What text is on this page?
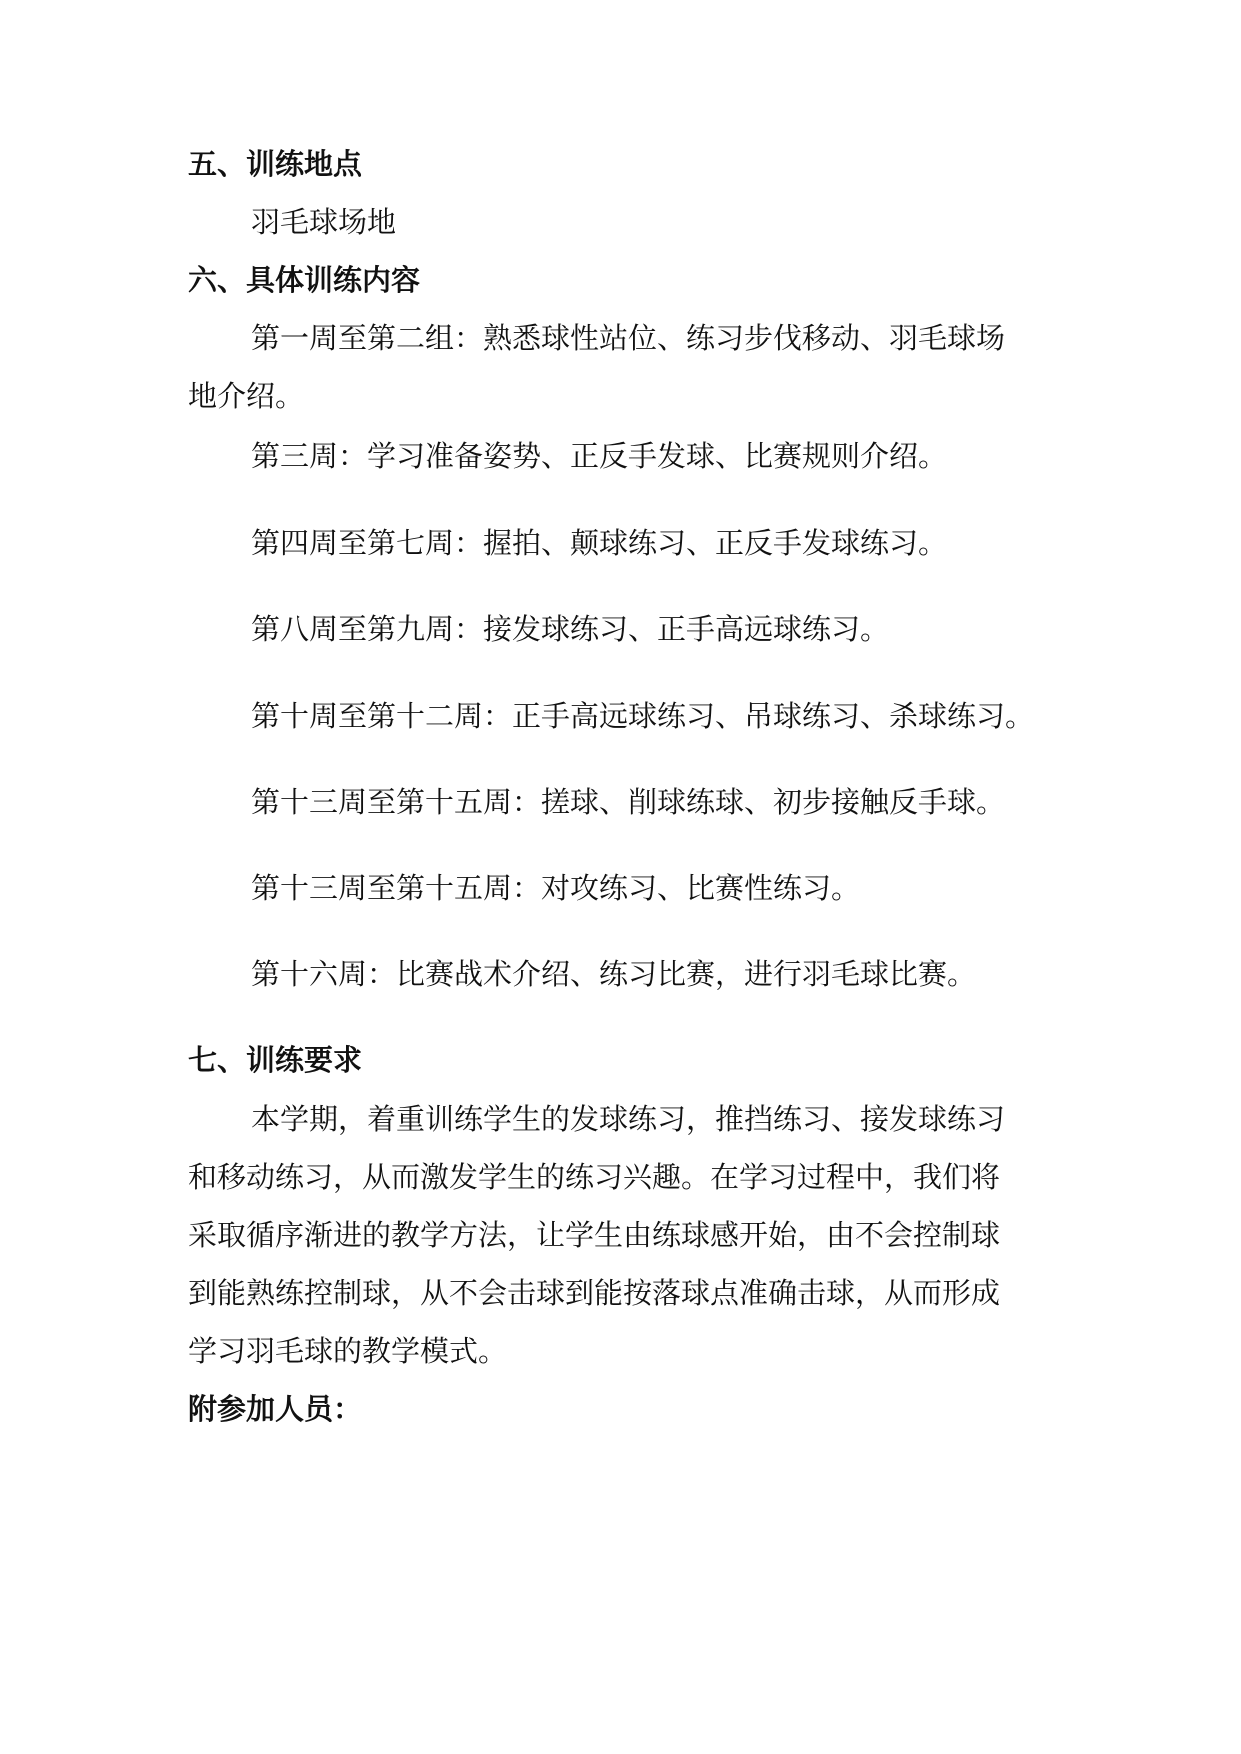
五、训练地点
羽毛球场地
六、具体训练内容
第一周至第二组：熟悉球性站位、练习步伐移动、羽毛球场
地介绍。
第三周：学习准备姿势、正反手发球、比赛规则介绍。
第四周至第七周：握拍、颠球练习、正反手发球练习。
第八周至第九周：接发球练习、正手高远球练习。
第十周至第十二周：正手高远球练习、吊球练习、杀球练习。
第十三周至第十五周：搓球、削球练球、初步接触反手球。
第十三周至第十五周：对攻练习、比赛性练习。
第十六周：比赛战术介绍、练习比赛，进行羽毛球比赛。
七、训练要求
本学期，着重训练学生的发球练习，推挡练习、接发球练习
和移动练习，从而激发学生的练习兴趣。在学习过程中，我们将
采取循序渐进的教学方法，让学生由练球感开始，由不会控制球
到能熟练控制球，从不会击球到能按落球点准确击球，从而形成
学习羽毛球的教学模式。
附参加人员：
